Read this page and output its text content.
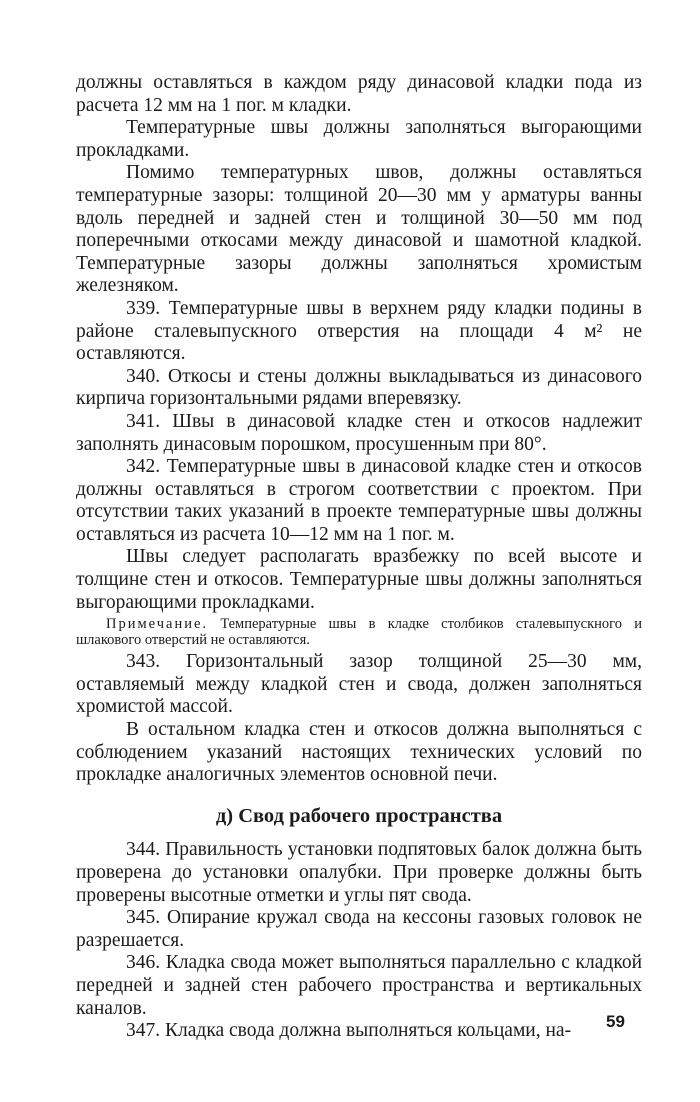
должны оставляться в каждом ряду динасовой кладки пода из расчета 12 мм на 1 пог. м кладки.

Температурные швы должны заполняться выгорающими прокладками.

Помимо температурных швов, должны оставляться температурные зазоры: толщиной 20—30 мм у арматуры ванны вдоль передней и задней стен и толщиной 30—50 мм под поперечными откосами между динасовой и шамотной кладкой. Температурные зазоры должны заполняться хромистым железняком.

339. Температурные швы в верхнем ряду кладки подины в районе сталевыпускного отверстия на площади 4 м² не оставляются.

340. Откосы и стены должны выкладываться из динасового кирпича горизонтальными рядами вперевязку.

341. Швы в динасовой кладке стен и откосов надлежит заполнять динасовым порошком, просушенным при 80°.

342. Температурные швы в динасовой кладке стен и откосов должны оставляться в строгом соответствии с проектом. При отсутствии таких указаний в проекте температурные швы должны оставляться из расчета 10—12 мм на 1 пог. м.

Швы следует располагать вразбежку по всей высоте и толщине стен и откосов. Температурные швы должны заполняться выгорающими прокладками.

Примечание. Температурные швы в кладке столбиков сталевыпускного и шлакового отверстий не оставляются.

343. Горизонтальный зазор толщиной 25—30 мм, оставляемый между кладкой стен и свода, должен заполняться хромистой массой.

В остальном кладка стен и откосов должна выполняться с соблюдением указаний настоящих технических условий по прокладке аналогичных элементов основной печи.

д) Свод рабочего пространства

344. Правильность установки подпятовых балок должна быть проверена до установки опалубки. При проверке должны быть проверены высотные отметки и углы пят свода.

345. Опирание кружал свода на кессоны газовых головок не разрешается.

346. Кладка свода может выполняться параллельно с кладкой передней и задней стен рабочего пространства и вертикальных каналов.

347. Кладка свода должна выполняться кольцами, на-	59
